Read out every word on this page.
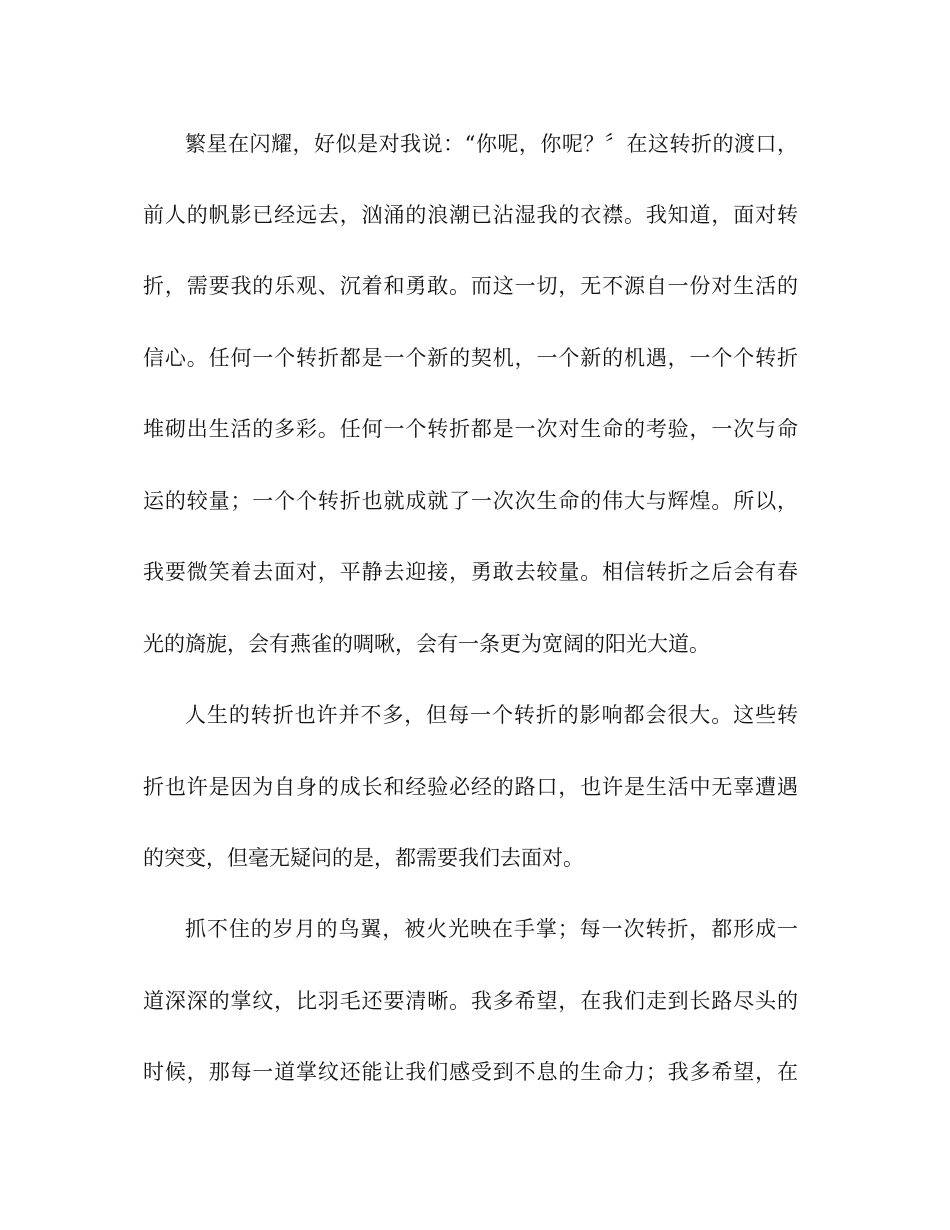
繁星在闪耀，好似是对我说：“你呢，你呢？〞在这转折的渡口，
前人的帆影已经远去，汹涌的浪潮已沾湿我的衣襟。我知道，面对转
折，需要我的乐观、沉着和勇敢。而这一切，无不源自一份对生活的
信心。任何一个转折都是一个新的契机，一个新的机遇，一个个转折
堆砌出生活的多彩。任何一个转折都是一次对生命的考验，一次与命
运的较量；一个个转折也就成就了一次次生命的伟大与辉煌。所以，
我要微笑着去面对，平静去迎接，勇敢去较量。相信转折之后会有春
光的旖旎，会有燕雀的啁啾，会有一条更为宽阔的阳光大道。
人生的转折也许并不多，但每一个转折的影响都会很大。这些转
折也许是因为自身的成长和经验必经的路口，也许是生活中无辜遭遇
的突变，但毫无疑问的是，都需要我们去面对。
抓不住的岁月的鸟翼，被火光映在手掌；每一次转折，都形成一
道深深的掌纹，比羽毛还要清晰。我多希望，在我们走到长路尽头的
时候，那每一道掌纹还能让我们感受到不息的生命力；我多希望，在
